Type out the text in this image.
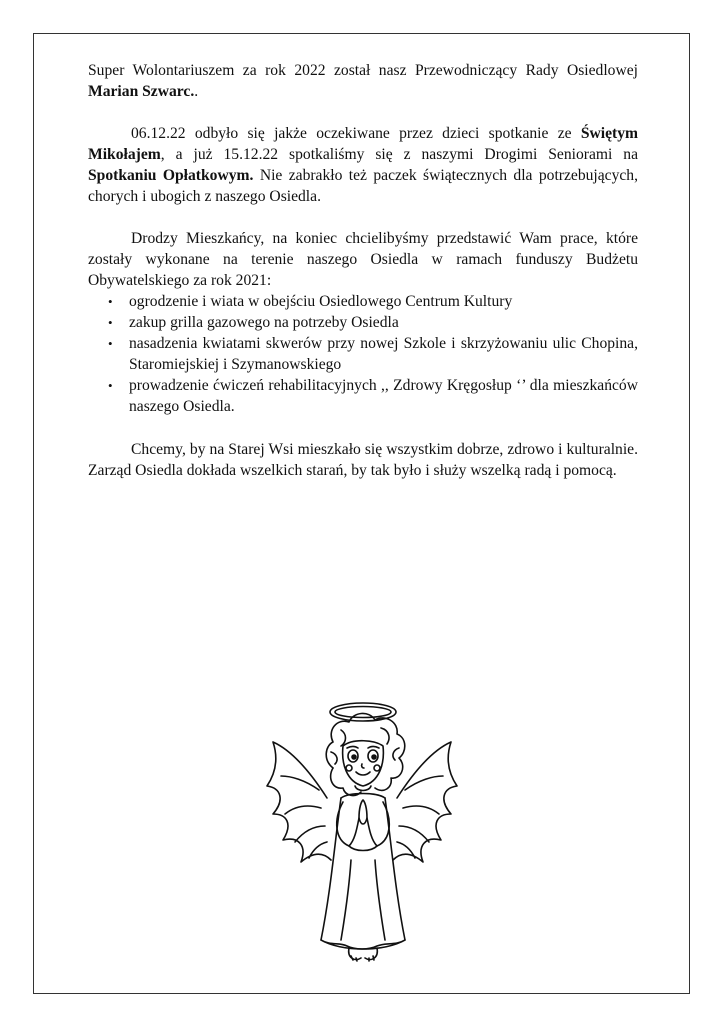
Super Wolontariuszem za rok 2022 został nasz Przewodniczący Rady Osiedlowej Marian Szwarc..

06.12.22 odbyło się jakże oczekiwane przez dzieci spotkanie ze Świętym Mikołajem, a już 15.12.22 spotkaliśmy się z naszymi Drogimi Seniorami na Spotkaniu Opłatkowym. Nie zabrakło też paczek świątecznych dla potrzebujących, chorych i ubogich z naszego Osiedla.

Drodzy Mieszkańcy, na koniec chcielibyśmy przedstawić Wam prace, które zostały wykonane na terenie naszego Osiedla w ramach funduszy Budżetu Obywatelskiego za rok 2021:

• ogrodzenie i wiata w obejściu Osiedlowego Centrum Kultury
• zakup grilla gazowego na potrzeby Osiedla
• nasadzenia kwiatami skwerów przy nowej Szkole i skrzyżowaniu ulic Chopina, Staromiejskiej i Szymanowskiego
• prowadzenie ćwiczeń rehabilitacyjnych ,, Zdrowy Kręgosłup ‘’ dla mieszkańców naszego Osiedla.

Chcemy, by na Starej Wsi mieszkało się wszystkim dobrze, zdrowo i kulturalnie. Zarząd Osiedla dokłada wszelkich starań, by tak było i służy wszelką radą i pomocą.
